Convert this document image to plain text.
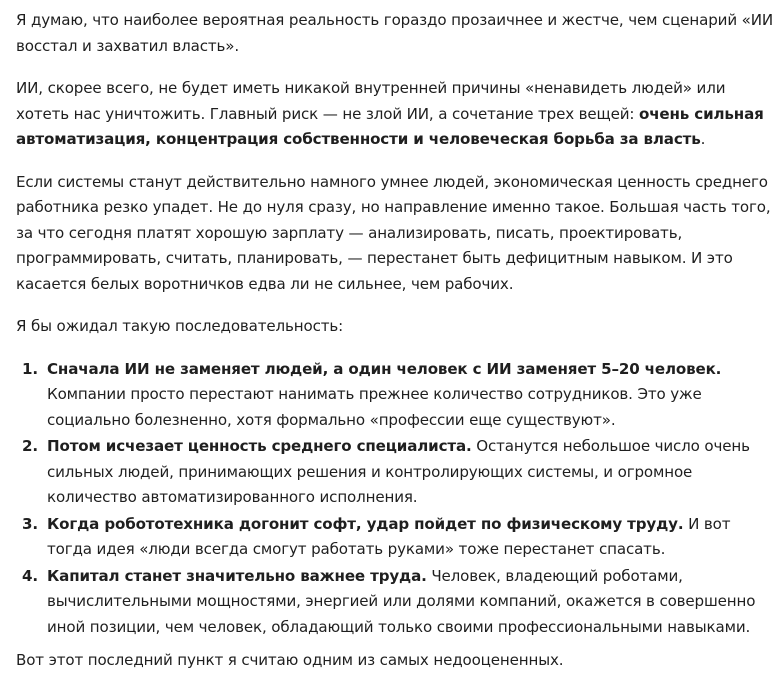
Я думаю, что наиболее вероятная реальность гораздо прозаичнее и жестче, чем сценарий «ИИ восстал и захватил власть».

ИИ, скорее всего, не будет иметь никакой внутренней причины «ненавидеть людей» или хотеть нас уничтожить. Главный риск — не злой ИИ, а сочетание трех вещей: очень сильная автоматизация, концентрация собственности и человеческая борьба за власть.

Если системы станут действительно намного умнее людей, экономическая ценность среднего работника резко упадет. Не до нуля сразу, но направление именно такое. Большая часть того, за что сегодня платят хорошую зарплату — анализировать, писать, проектировать, программировать, считать, планировать, — перестанет быть дефицитным навыком. И это касается белых воротничков едва ли не сильнее, чем рабочих.

Я бы ожидал такую последовательность:

1. Сначала ИИ не заменяет людей, а один человек с ИИ заменяет 5–20 человек. Компании просто перестают нанимать прежнее количество сотрудников. Это уже социально болезненно, хотя формально «профессии еще существуют».
2. Потом исчезает ценность среднего специалиста. Останутся небольшое число очень сильных людей, принимающих решения и контролирующих системы, и огромное количество автоматизированного исполнения.
3. Когда робототехника догонит софт, удар пойдет по физическому труду. И вот тогда идея «люди всегда смогут работать руками» тоже перестанет спасать.
4. Капитал станет значительно важнее труда. Человек, владеющий роботами, вычислительными мощностями, энергией или долями компаний, окажется в совершенно иной позиции, чем человек, обладающий только своими профессиональными навыками.

Вот этот последний пункт я считаю одним из самых недооцененных.
